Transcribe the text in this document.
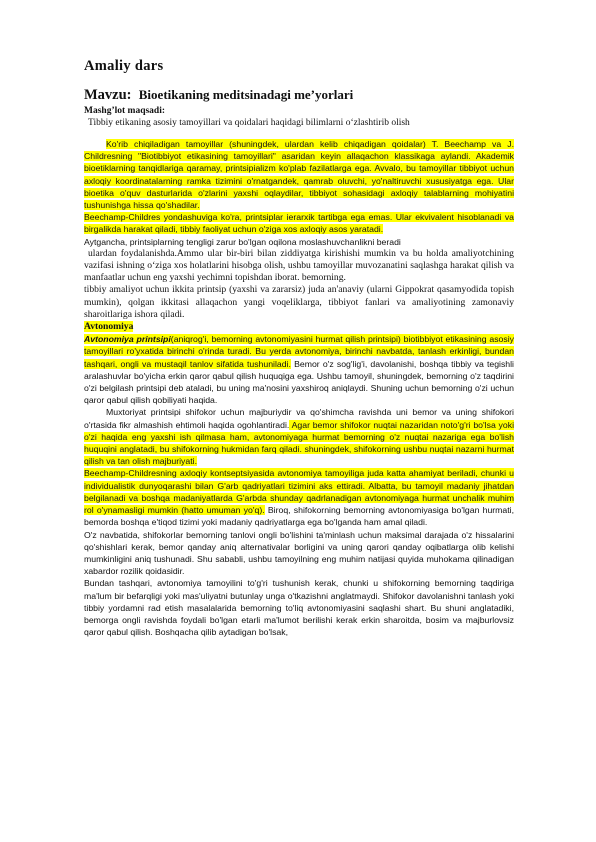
Amaliy dars
Mavzu: Bioetikaning meditsinadagi me’yorlari

Mashg’lot maqsadi:

Tibbiy etikaning asosiy tamoyillari va qoidalari haqidagi bilimlarni o‘zlashtirib olish

Ko'rib chiqiladigan tamoyillar (shuningdek, ulardan kelib chiqadigan qoidalar) T. Beechamp va J. Childresning "Biotibbiyot etikasining tamoyillari" asaridan keyin allaqachon klassikaga aylandi. Akademik bioetiklarning tanqidlariga qaramay, printsipializm ko'plab fazilatlarga ega. Avvalo, bu tamoyillar tibbiyot uchun axloqiy koordinatalarning ramka tizimini o'rnatgandek, qamrab oluvchi, yo'naltiruvchi xususiyatga ega. Ular bioetika o'quv dasturlarida o'zlarini yaxshi oqlaydilar, tibbiyot sohasidagi axloqiy talablarning mohiyatini tushunishga hissa qo'shadilar.

Beechamp-Childres yondashuviga ko'ra, printsiplar ierarxik tartibga ega emas. Ular ekvivalent hisoblanadi va birgalikda harakat qiladi, tibbiy faoliyat uchun o'ziga xos axloqiy asos yaratadi.

Aytgancha, printsiplarning tengligi zarur bo'lgan oqilona moslashuvchanlikni beradi

ulardan foydalanishda.Ammo ular bir-biri bilan ziddiyatga kirishishi mumkin va bu holda amaliyotchining vazifasi ishning o‘ziga xos holatlarini hisobga olish, ushbu tamoyillar muvozanatini saqlashga harakat qilish va manfaatlar uchun eng yaxshi yechimni topishdan iborat. bemorning.

tibbiy amaliyot uchun ikkita printsip (yaxshi va zararsiz) juda an'anaviy (ularni Gippokrat qasamyodida topish mumkin), qolgan ikkitasi allaqachon yangi voqeliklarga, tibbiyot fanlari va amaliyotining zamonaviy sharoitlariga ishora qiladi.

Avtonomiya

Avtonomiya printsipi(aniqrog'i, bemorning avtonomiyasini hurmat qilish printsipi) biotibbiyot etikasining asosiy tamoyillari ro'yxatida birinchi o'rinda turadi. Bu yerda avtonomiya, birinchi navbatda, tanlash erkinligi, bundan tashqari, ongli va mustaqil tanlov sifatida tushuniladi. Bemor o'z sog'lig'i, davolanishi, boshqa tibbiy va tegishli aralashuvlar bo'yicha erkin qaror qabul qilish huquqiga ega. Ushbu tamoyil, shuningdek, bemorning o'z taqdirini o'zi belgilash printsipi deb ataladi, bu uning ma'nosini yaxshiroq aniqlaydi. Shuning uchun bemorning o'zi uchun qaror qabul qilish qobiliyati haqida.

Muxtoriyat printsipi shifokor uchun majburiydir va qo'shimcha ravishda uni bemor va uning shifokori o'rtasida fikr almashish ehtimoli haqida ogohlantiradi. Agar bemor shifokor nuqtai nazaridan noto'g'ri bo'lsa yoki o'zi haqida eng yaxshi ish qilmasa ham, avtonomiyaga hurmat bemorning o'z nuqtai nazariga ega bo'lish huquqini anglatadi, bu shifokorning hukmidan farq qiladi. shuningdek, shifokorning ushbu nuqtai nazarni hurmat qilish va tan olish majburiyati.

Beechamp-Childresning axloqiy kontseptsiyasida avtonomiya tamoyiliga juda katta ahamiyat beriladi, chunki u individualistik dunyoqarashi bilan G'arb qadriyatlari tizimini aks ettiradi. Albatta, bu tamoyil madaniy jihatdan belgilanadi va boshqa madaniyatlarda G'arbda shunday qadrlanadigan avtonomiyaga hurmat unchalik muhim rol o'ynamasligi mumkin (hatto umuman yo'q). Biroq, shifokorning bemorning avtonomiyasiga bo'lgan hurmati, bemorda boshqa e'tiqod tizimi yoki madaniy qadriyatlarga ega bo'lganda ham amal qiladi.

O'z navbatida, shifokorlar bemorning tanlovi ongli bo'lishini ta'minlash uchun maksimal darajada o'z hissalarini qo'shishlari kerak, bemor qanday aniq alternativalar borligini va uning qarori qanday oqibatlarga olib kelishi mumkinligini aniq tushunadi. Shu sababli, ushbu tamoyilning eng muhim natijasi quyida muhokama qilinadigan xabardor rozilik qoidasidir.

Bundan tashqari, avtonomiya tamoyilini to'g'ri tushunish kerak, chunki u shifokorning bemorning taqdiriga ma'lum bir befarqligi yoki mas'uliyatni butunlay unga o'tkazishni anglatmaydi. Shifokor davolanishni tanlash yoki tibbiy yordamni rad etish masalalarida bemorning to'liq avtonomiyasini saqlashi shart. Bu shuni anglatadiki, bemorga ongli ravishda foydali bo'lgan etarli ma'lumot berilishi kerak erkin sharoitda, bosim va majburlovsiz qaror qabul qilish. Boshqacha qilib aytadigan bo'lsak,
